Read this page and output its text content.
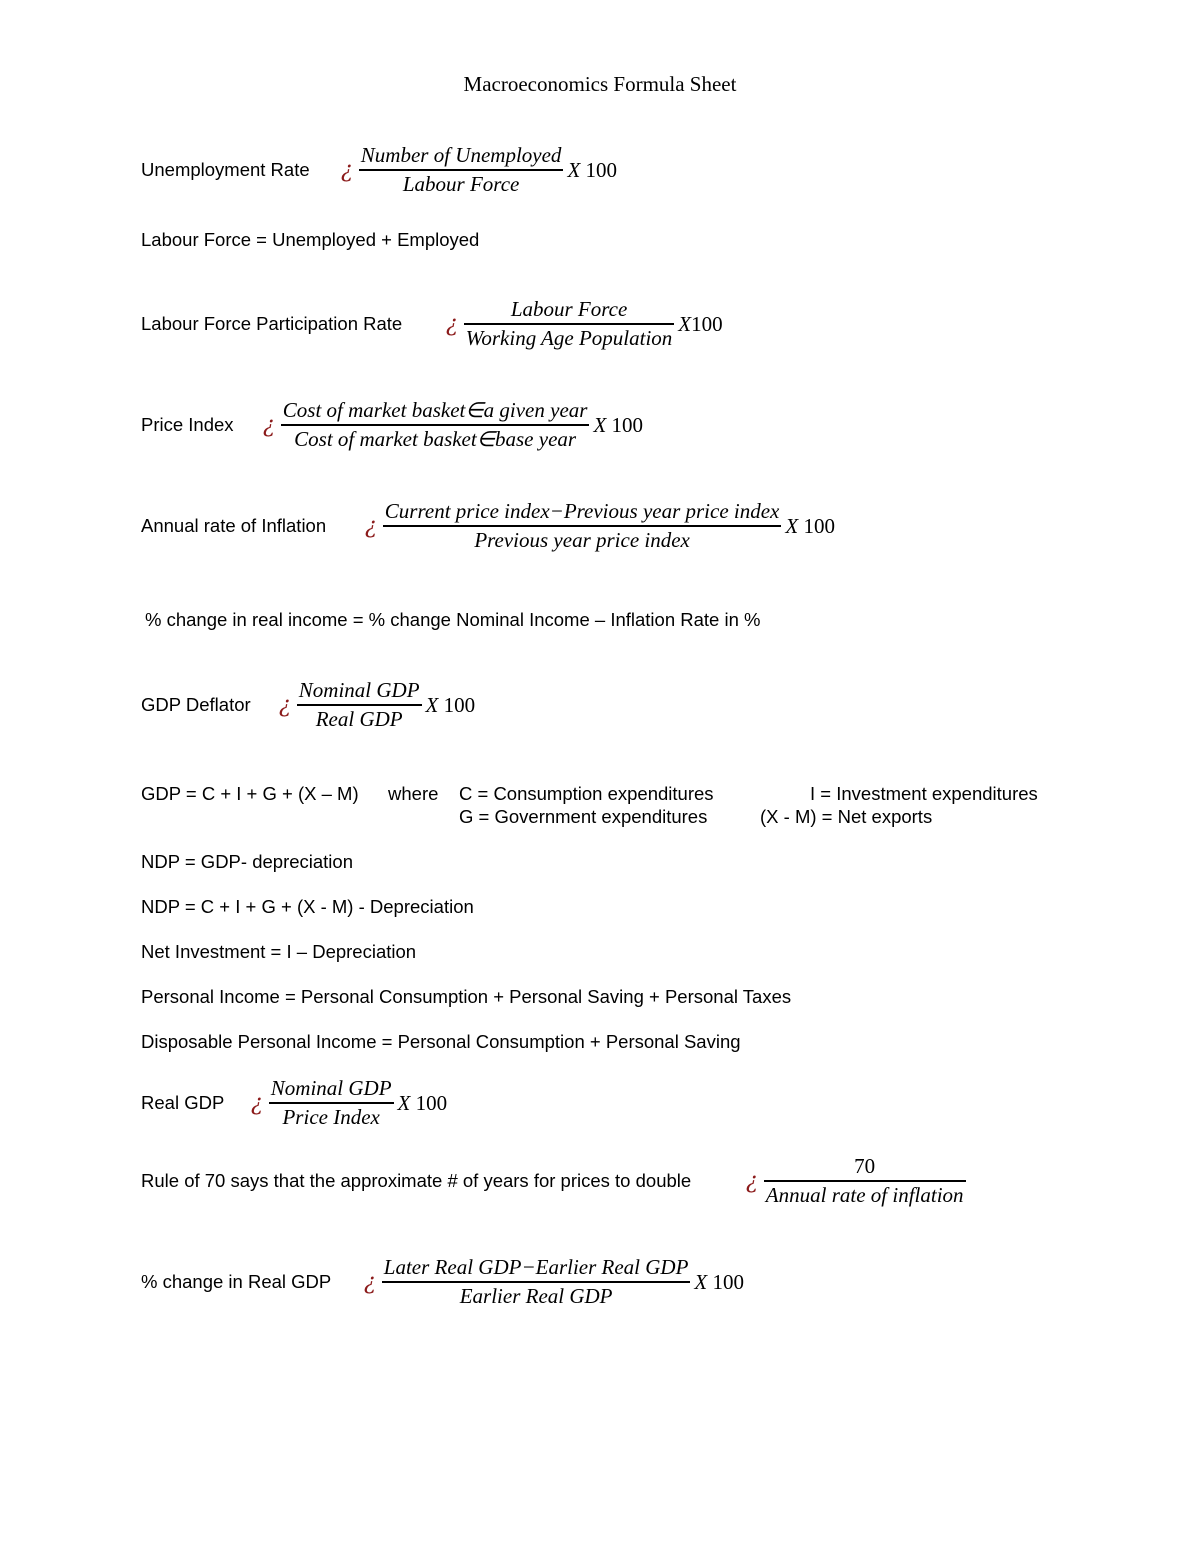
Macroeconomics Formula Sheet
Unemployment Rate ¿ $\frac{\text{Number of Unemployed}}{\text{Labour Force}}$ X 100
Labour Force = Unemployed + Employed
Labour Force Participation Rate ¿ $\frac{\text{Labour Force}}{\text{Working Age Population}} X100$
Price Index ¿ $\frac{\text{Cost of market basket∈a given year}}{\text{Cost of market basket∈base year}}$ X 100
Annual rate of Inflation ¿ $\frac{\text{Current price index−Previous year price index}}{\text{Previous year price index}}$ X 100
% change in real income = % change Nominal Income – Inflation Rate in %
GDP Deflator ¿ $\frac{\text{Nominal GDP}}{\text{Real GDP}}$ X 100
GDP = C + I + G + (X – M) where C = Consumption expenditures	I = Investment expenditures
G = Government expenditures	(X - M) = Net exports
NDP = GDP- depreciation
NDP = C + I + G + (X - M) - Depreciation
Net Investment = I – Depreciation
Personal Income = Personal Consumption + Personal Saving + Personal Taxes
Disposable Personal Income = Personal Consumption + Personal Saving
Real GDP ¿ $\frac{\text{Nominal GDP}}{\text{Price Index}}$ X 100
Rule of 70 says that the approximate # of years for prices to double ¿ $\frac{70}{\text{Annual rate of inflation}}$
% change in Real GDP ¿ $\frac{\text{Later Real GDP−Earlier Real GDP}}{\text{Earlier Real GDP}}$ X 100
